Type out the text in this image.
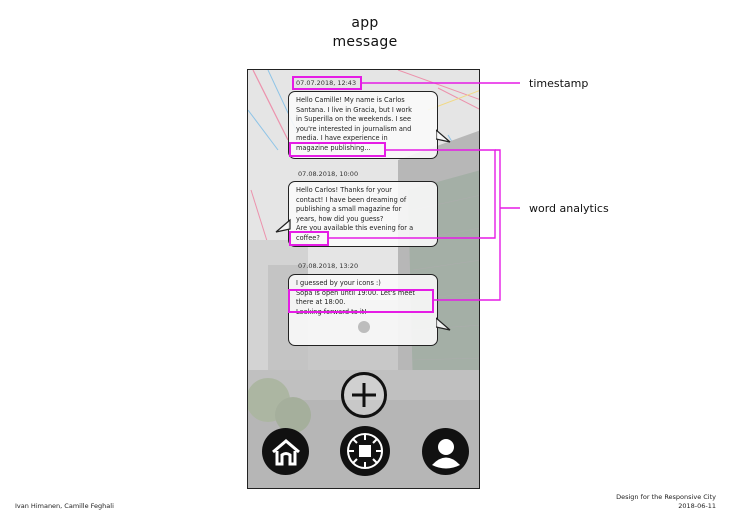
app
message
07.07.2018, 12:43
Hello Camille! My name is Carlos
Santana. I live in Gracia, but I work
in Superilla on the weekends. I see
you're interested in journalism and
media. I have experience in
magazine publishing...
07.08.2018, 10:00
Hello Carlos! Thanks for your
contact! I have been dreaming of
publishing a small magazine for
years, how did you guess?
Are you available this evening for a
coffee?
07.08.2018, 13:20
I guessed by your icons :)
Sopa is open until 19:00. Let's meet
there at 18:00.
Looking forward to it!
timestamp
word analytics
Ivan Himanen, Camille Feghali
Design for the Responsive City
2018-06-11
